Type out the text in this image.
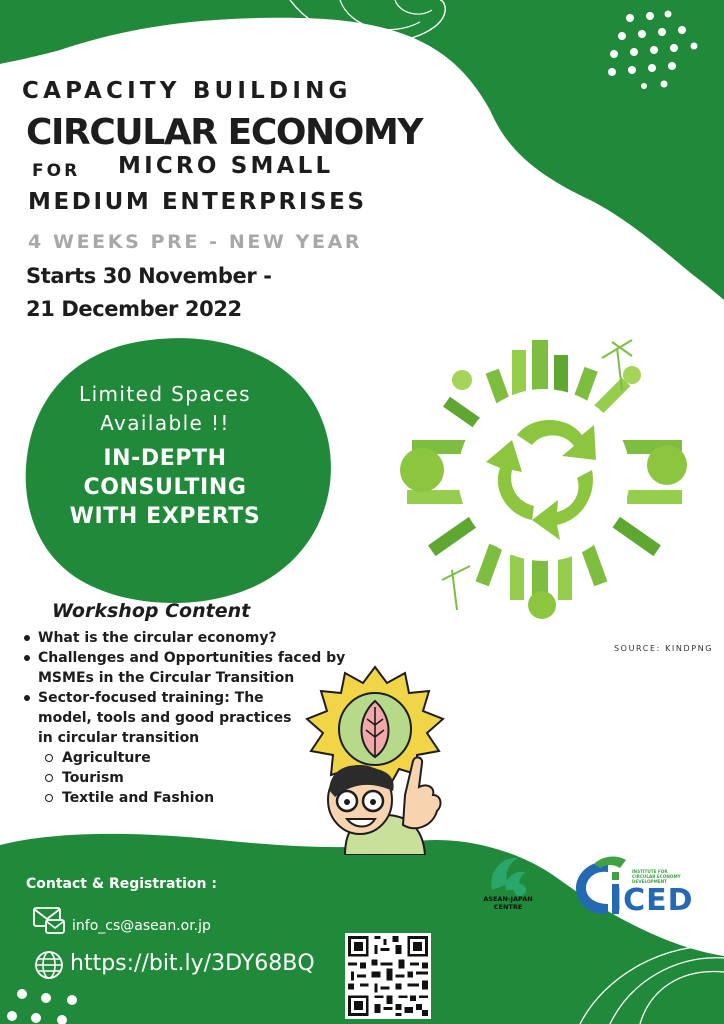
CAPACITY BUILDING
CIRCULAR ECONOMY
FOR MICRO SMALL
MEDIUM ENTERPRISES
4 WEEKS PRE - NEW YEAR
Starts 30 November -
21 December 2022
Limited Spaces
Available !!
IN-DEPTH
CONSULTING
WITH EXPERTS
SOURCE: KINDPNG
Workshop Content
What is the circular economy?
Challenges and Opportunities faced by MSMEs in the Circular Transition
Sector-focused training: The model, tools and good practices in circular transition
Agriculture
Tourism
Textile and Fashion
Contact & Registration :
info_cs@asean.or.jp
https://bit.ly/3DY68BQ
ASEAN-JAPAN
CENTRE
INSTITUTE FOR
CIRCULAR ECONOMY
DEVELOPMENT
ICED
